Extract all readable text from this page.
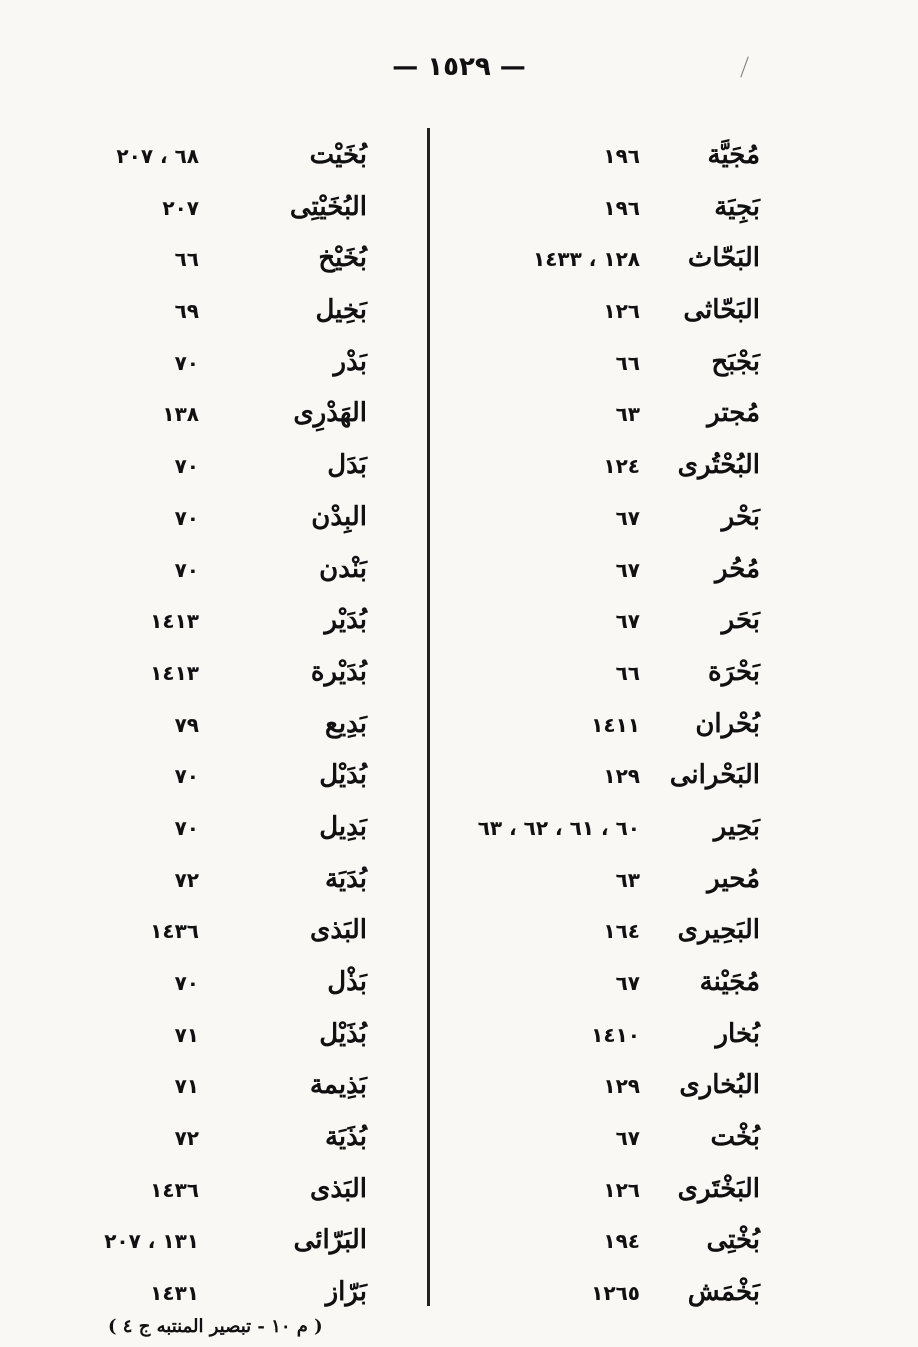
— ١٥٢٩ —
مُجَيَّة
١٩٦
بَجِيَة
١٩٦
البَحّاث
١٢٨ ، ١٤٣٣
البَحّاثى
١٢٦
بَجْبَح
٦٦
مُجتر
٦٣
البُحْتُرى
١٢٤
بَحْر
٦٧
مُحُر
٦٧
بَحَر
٦٧
بَحْرَة
٦٦
بُحْران
١٤١١
البَحْرانى
١٢٩
بَحِير
٦٠ ، ٦١ ، ٦٢ ، ٦٣
مُحير
٦٣
البَحِيرى
١٦٤
مُجَيْنة
٦٧
بُخار
١٤١٠
البُخارى
١٢٩
بُخْت
٦٧
البَخْتَرى
١٢٦
بُخْتِى
١٩٤
بَخْمَش
١٢٦٥
بُخَيْت
٦٨ ، ٢٠٧
البُخَيْتِى
٢٠٧
بُخَيْخ
٦٦
بَخِيل
٦٩
بَدْر
٧٠
الهَدْرِى
١٣٨
بَدَل
٧٠
البِدْن
٧٠
بَنْدن
٧٠
بُدَيْر
١٤١٣
بُدَيْرة
١٤١٣
بَدِيع
٧٩
بُدَيْل
٧٠
بَدِيل
٧٠
بُدَيَة
٧٢
البَذى
١٤٣٦
بَذْل
٧٠
بُذَيْل
٧١
بَذِيمة
٧١
بُذَيَة
٧٢
البَذى
١٤٣٦
البَرّائى
١٣١ ، ٢٠٧
بَرّاز
١٤٣١
( م ١٠ - تبصير المنتبه ج ٤ )
